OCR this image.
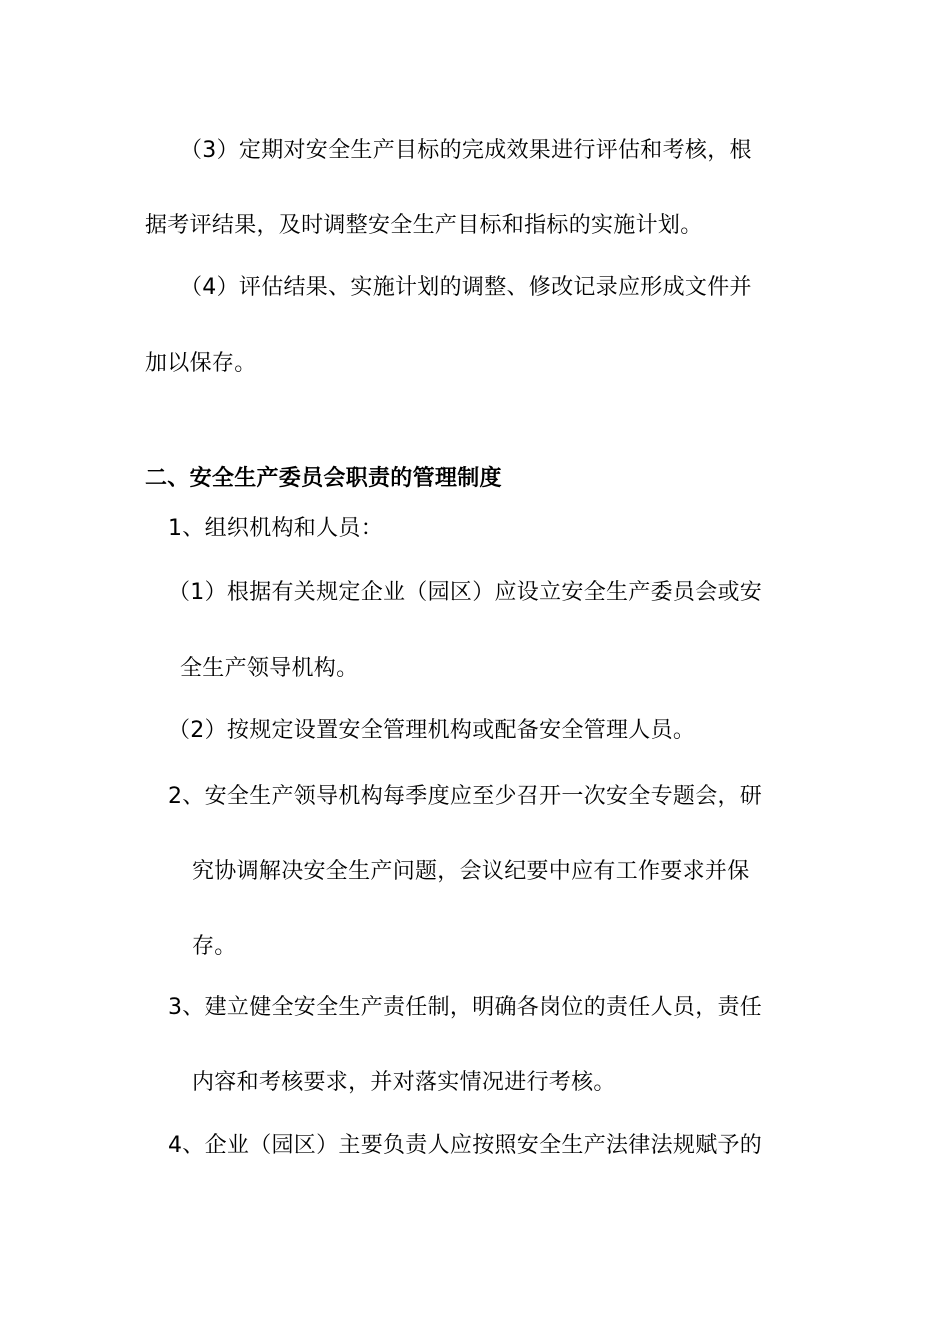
（3）定期对安全生产目标的完成效果进行评估和考核，根
据考评结果，及时调整安全生产目标和指标的实施计划。
（4）评估结果、实施计划的调整、修改记录应形成文件并
加以保存。
二、安全生产委员会职责的管理制度
1、组织机构和人员：
（1）根据有关规定企业（园区）应设立安全生产委员会或安
全生产领导机构。
（2）按规定设置安全管理机构或配备安全管理人员。
2、安全生产领导机构每季度应至少召开一次安全专题会，研
究协调解决安全生产问题，会议纪要中应有工作要求并保
存。
3、建立健全安全生产责任制，明确各岗位的责任人员，责任
内容和考核要求，并对落实情况进行考核。
4、企业（园区）主要负责人应按照安全生产法律法规赋予的
